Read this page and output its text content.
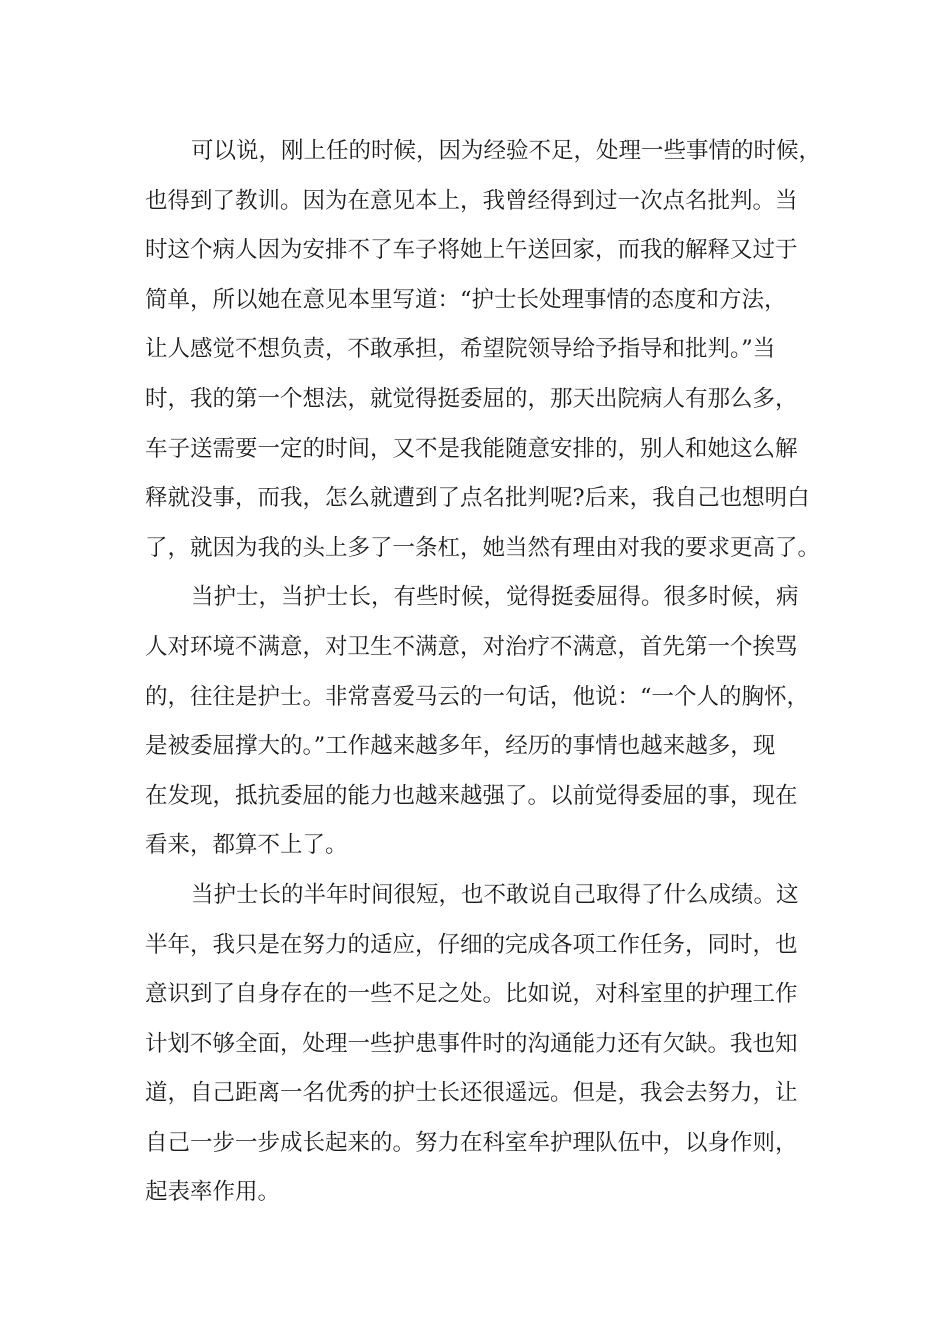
可以说，刚上任的时候，因为经验不足，处理一些事情的时候，
也得到了教训。因为在意见本上，我曾经得到过一次点名批判。当
时这个病人因为安排不了车子将她上午送回家，而我的解释又过于
简单，所以她在意见本里写道：“护士长处理事情的态度和方法，
让人感觉不想负责，不敢承担，希望院领导给予指导和批判。”当
时，我的第一个想法，就觉得挺委屈的，那天出院病人有那么多，
车子送需要一定的时间，又不是我能随意安排的，别人和她这么解
释就没事，而我，怎么就遭到了点名批判呢?后来，我自己也想明白
了，就因为我的头上多了一条杠，她当然有理由对我的要求更高了。
当护士，当护士长，有些时候，觉得挺委屈得。很多时候，病
人对环境不满意，对卫生不满意，对治疗不满意，首先第一个挨骂
的，往往是护士。非常喜爱马云的一句话，他说：“一个人的胸怀，
是被委屈撑大的。”工作越来越多年，经历的事情也越来越多，现
在发现，抵抗委屈的能力也越来越强了。以前觉得委屈的事，现在
看来，都算不上了。
当护士长的半年时间很短，也不敢说自己取得了什么成绩。这
半年，我只是在努力的适应，仔细的完成各项工作任务，同时，也
意识到了自身存在的一些不足之处。比如说，对科室里的护理工作
计划不够全面，处理一些护患事件时的沟通能力还有欠缺。我也知
道，自己距离一名优秀的护士长还很遥远。但是，我会去努力，让
自己一步一步成长起来的。努力在科室牟护理队伍中，以身作则，
起表率作用。
